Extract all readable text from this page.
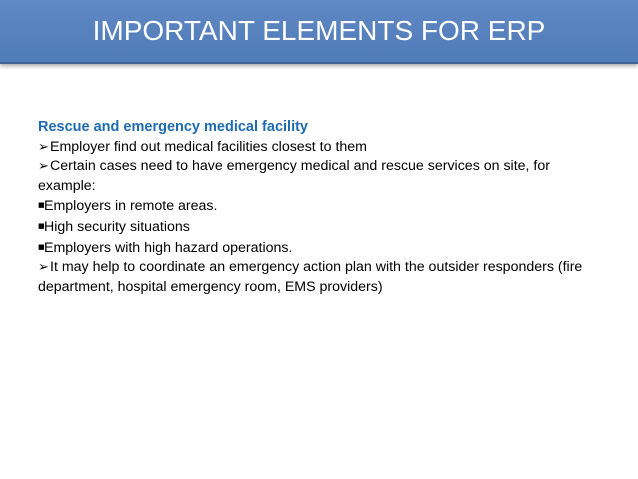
IMPORTANT ELEMENTS FOR ERP
Rescue and emergency medical facility
➢Employer find out medical facilities closest to them
➢Certain cases need to have emergency medical and rescue services on site, for example:
■Employers in remote areas.
■High security situations
■Employers with high hazard operations.
➢It may help to coordinate an emergency action plan with the outsider responders (fire department, hospital emergency room, EMS providers)
